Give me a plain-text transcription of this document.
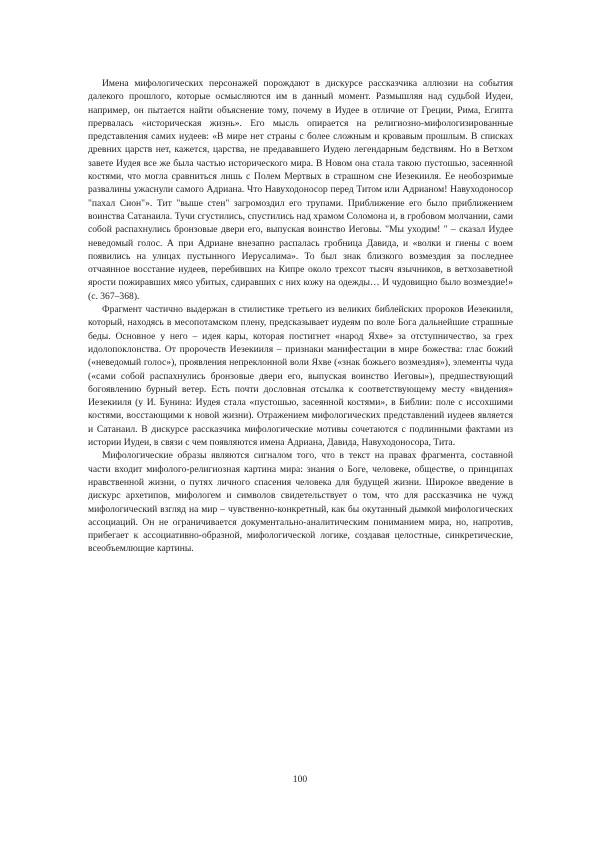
Имена мифологических персонажей порождают в дискурсе рассказчика аллюзии на события далекого прошлого, которые осмысляются им в данный момент. Размышляя над судьбой Иудеи, например, он пытается найти объяснение тому, почему в Иудее в отличие от Греции, Рима, Египта прервалась «историческая жизнь». Его мысль опирается на религиозно-мифологизированные представления самих иудеев: «В мире нет страны с более сложным и кровавым прошлым. В списках древних царств нет, кажется, царства, не предававшего Иудею легендарным бедствиям. Но в Ветхом завете Иудея все же была частью исторического мира. В Новом она стала такою пустошью, засеянной костями, что могла сравниться лишь с Полем Мертвых в страшном сне Иезекииля. Ее необозримые развалины ужаснули самого Адриана. Что Навуходоносор перед Титом или Адрианом! Навуходоносор "пахал Сион"». Тит "выше стен" загромоздил его трупами. Приближение его было приближением воинства Сатанаила. Тучи сгустились, спустились над храмом Соломона и, в гробовом молчании, сами собой распахнулись бронзовые двери его, выпуская воинство Иеговы. "Мы уходим! " – сказал Иудее неведомый голос. А при Адриане внезапно распалась гробница Давида, и «волки и гиены с воем появились на улицах пустынного Иерусалима». То был знак близкого возмездия за последнее отчаянное восстание иудеев, перебивших на Кипре около трехсот тысяч язычников, в ветхозаветной ярости пожиравших мясо убитых, сдиравших с них кожу на одежды… И чудовищно было возмездие!» (с. 367–368).

Фрагмент частично выдержан в стилистике третьего из великих библейских пророков Иезекииля, который, находясь в месопотамском плену, предсказывает иудеям по воле Бога дальнейшие страшные беды. Основное у него – идея кары, которая постигнет «народ Яхве» за отступничество, за грех идолопоклонства. От пророчеств Иезекииля – признаки манифестации в мире божества: глас божий («неведомый голос»), проявления непреклонной воли Яхве («знак божьего возмездия»), элементы чуда («сами собой распахнулись бронзовые двери его, выпуская воинство Иеговы»), предшествующий богоявлению бурный ветер. Есть почти дословная отсылка к соответствующему месту «видения» Иезекииля (у И. Бунина: Иудея стала «пустошью, засеянной костями», в Библии: поле с иссохшими костями, восстающими к новой жизни). Отражением мифологических представлений иудеев является и Сатанаил. В дискурсе рассказчика мифологические мотивы сочетаются с подлинными фактами из истории Иудеи, в связи с чем появляются имена Адриана, Давида, Навуходоносора, Тита.

Мифологические образы являются сигналом того, что в текст на правах фрагмента, составной части входит мифолого-религиозная картина мира: знания о Боге, человеке, обществе, о принципах нравственной жизни, о путях личного спасения человека для будущей жизни. Широкое введение в дискурс архетипов, мифологем и символов свидетельствует о том, что для рассказчика не чужд мифологический взгляд на мир – чувственно-конкретный, как бы окутанный дымкой мифологических ассоциаций. Он не ограничивается документально-аналитическим пониманием мира, но, напротив, прибегает к ассоциативно-образной, мифологической логике, создавая целостные, синкретические, всеобъемлющие картины.

100
